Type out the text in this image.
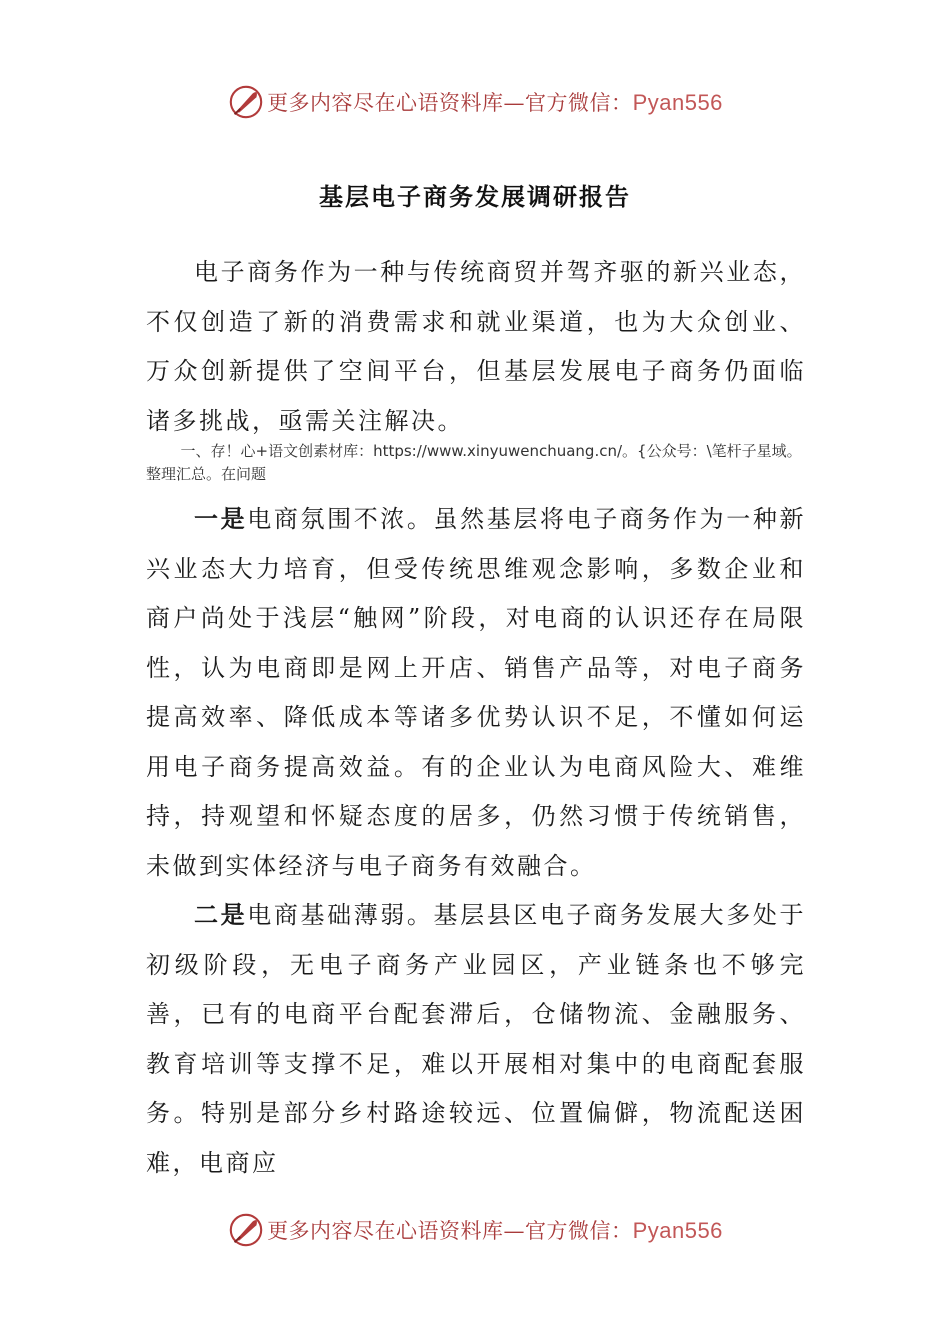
更多内容尽在心语资料库—官方微信：Pyan556
基层电子商务发展调研报告

电子商务作为一种与传统商贸并驾齐驱的新兴业态，不仅创造了新的消费需求和就业渠道，也为大众创业、万众创新提供了空间平台，但基层发展电子商务仍面临诸多挑战，亟需关注解决。

一、存！心+语文创素材库：https://www.xinyuwenchuang.cn/。{公众号：\笔杆子星域。整理汇总。在问题

一是电商氛围不浓。虽然基层将电子商务作为一种新兴业态大力培育，但受传统思维观念影响，多数企业和商户尚处于浅层“触网”阶段，对电商的认识还存在局限性，认为电商即是网上开店、销售产品等，对电子商务提高效率、降低成本等诸多优势认识不足，不懂如何运用电子商务提高效益。有的企业认为电商风险大、难维持，持观望和怀疑态度的居多，仍然习惯于传统销售，未做到实体经济与电子商务有效融合。

二是电商基础薄弱。基层县区电子商务发展大多处于初级阶段，无电子商务产业园区，产业链条也不够完善，已有的电商平台配套滞后，仓储物流、金融服务、教育培训等支撑不足，难以开展相对集中的电商配套服务。特别是部分乡村路途较远、位置偏僻，物流配送困难，电商应

更多内容尽在心语资料库—官方微信：Pyan556
